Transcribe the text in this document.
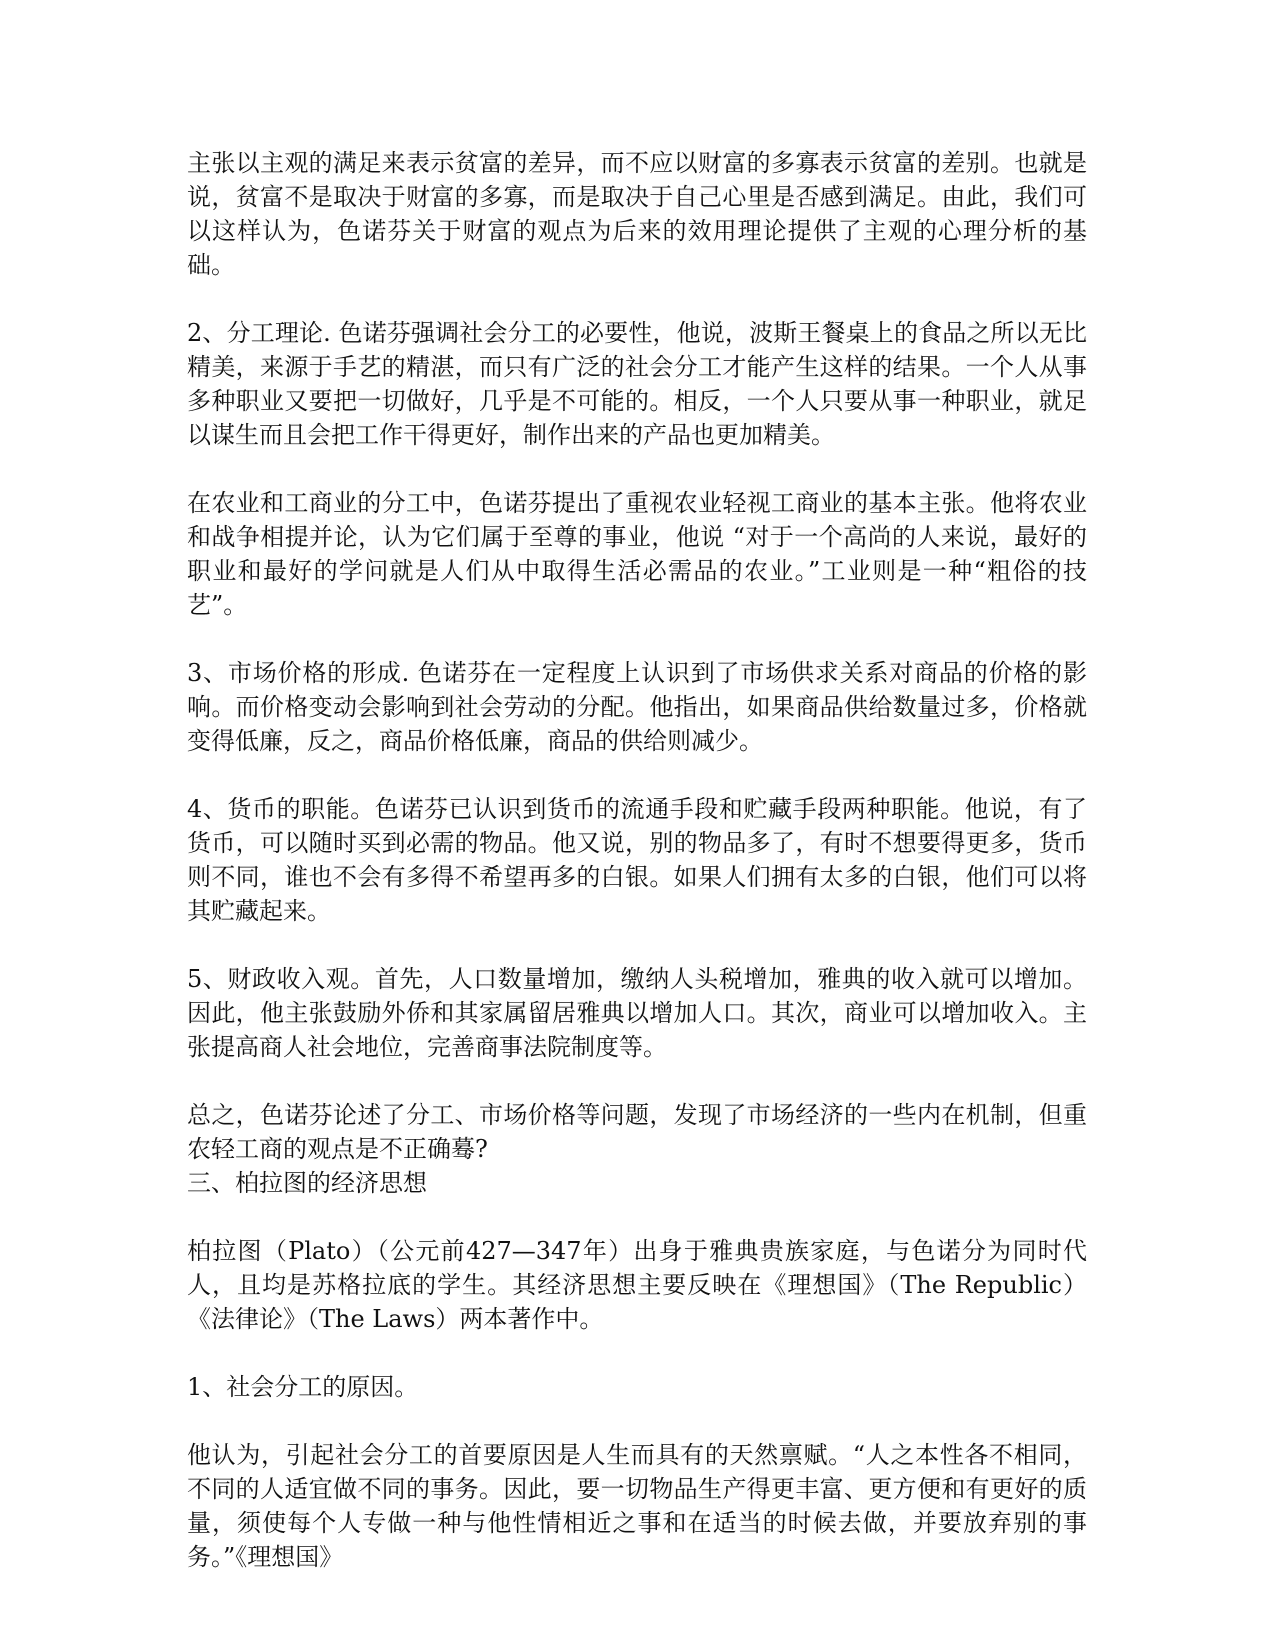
主张以主观的满足来表示贫富的差异，而不应以财富的多寡表示贫富的差别。也就是说，贫富不是取决于财富的多寡，而是取决于自己心里是否感到满足。由此，我们可以这样认为，色诺芬关于财富的观点为后来的效用理论提供了主观的心理分析的基础。

2、分工理论. 色诺芬强调社会分工的必要性，他说，波斯王餐桌上的食品之所以无比精美，来源于手艺的精湛，而只有广泛的社会分工才能产生这样的结果。一个人从事多种职业又要把一切做好，几乎是不可能的。相反，一个人只要从事一种职业，就足以谋生而且会把工作干得更好，制作出来的产品也更加精美。

在农业和工商业的分工中，色诺芬提出了重视农业轻视工商业的基本主张。他将农业和战争相提并论，认为它们属于至尊的事业，他说 “对于一个高尚的人来说，最好的职业和最好的学问就是人们从中取得生活必需品的农业。”工业则是一种“粗俗的技艺”。

3、市场价格的形成. 色诺芬在一定程度上认识到了市场供求关系对商品的价格的影响。而价格变动会影响到社会劳动的分配。他指出，如果商品供给数量过多，价格就变得低廉，反之，商品价格低廉，商品的供给则减少。

4、货币的职能。色诺芬已认识到货币的流通手段和贮藏手段两种职能。他说，有了货币，可以随时买到必需的物品。他又说，别的物品多了，有时不想要得更多，货币则不同，谁也不会有多得不希望再多的白银。如果人们拥有太多的白银，他们可以将其贮藏起来。

5、财政收入观。首先，人口数量增加，缴纳人头税增加，雅典的收入就可以增加。因此，他主张鼓励外侨和其家属留居雅典以增加人口。其次，商业可以增加收入。主张提高商人社会地位，完善商事法院制度等。

总之，色诺芬论述了分工、市场价格等问题，发现了市场经济的一些内在机制，但重农轻工商的观点是不正确蓦?

三、柏拉图的经济思想

柏拉图（Plato）（公元前427—347年）出身于雅典贵族家庭，与色诺分为同时代人，且均是苏格拉底的学生。其经济思想主要反映在《理想国》（The Republic）《法律论》（The Laws）两本著作中。

1、社会分工的原因。

他认为，引起社会分工的首要原因是人生而具有的天然禀赋。“人之本性各不相同，不同的人适宜做不同的事务。因此，要一切物品生产得更丰富、更方便和有更好的质量，须使每个人专做一种与他性情相近之事和在适当的时候去做，并要放弃别的事务。”《理想国》
